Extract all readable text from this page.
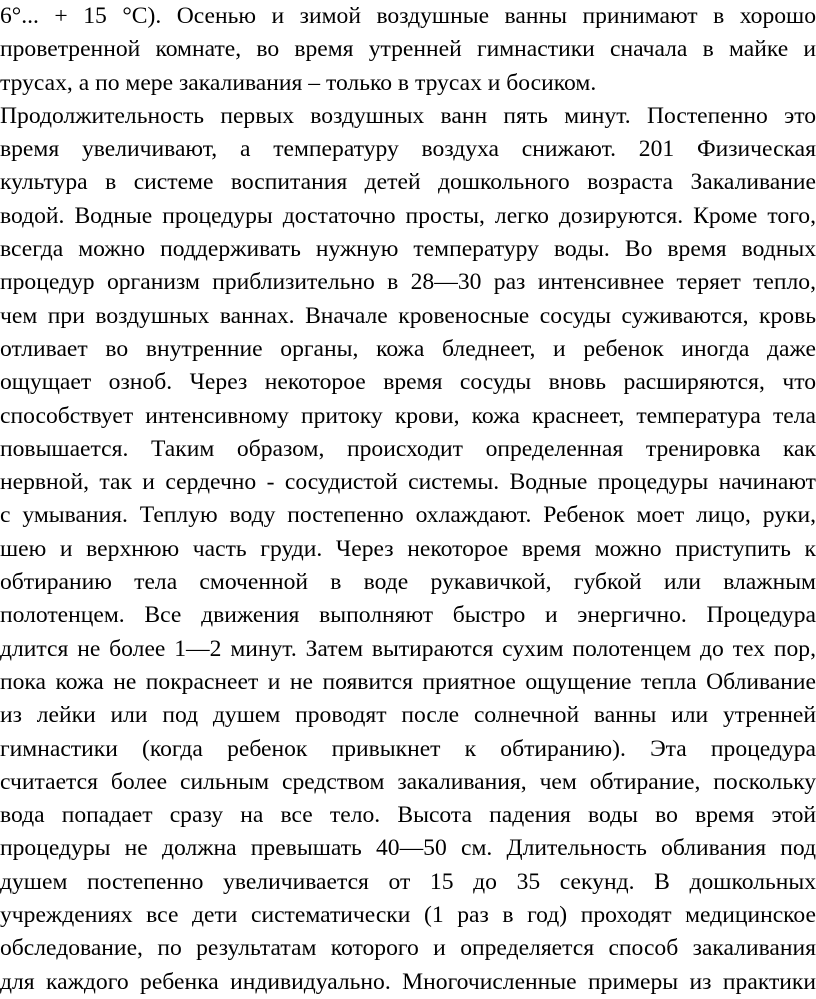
6°... + 15 °С). Осенью и зимой воздушные ванны принимают в хорошо
проветренной комнате, во время утренней гимнастики сначала в майке и
трусах, а по мере закаливания – только в трусах и босиком.
Продолжительность первых воздушных ванн пять минут. Постепенно это
время увеличивают, а температуру воздуха снижают. 201 Физическая
культура в системе воспитания детей дошкольного возраста Закаливание
водой. Водные процедуры достаточно просты, легко дозируются. Кроме того,
всегда можно поддерживать нужную температуру воды. Во время водных
процедур организм приблизительно в 28—30 раз интенсивнее теряет тепло,
чем при воздушных ваннах. Вначале кровеносные сосуды суживаются, кровь
отливает во внутренние органы, кожа бледнеет, и ребенок иногда даже
ощущает озноб. Через некоторое время сосуды вновь расширяются, что
способствует интенсивному притоку крови, кожа краснеет, температура тела
повышается. Таким образом, происходит определенная тренировка как
нервной, так и сердечно - сосудистой системы. Водные процедуры начинают
с умывания. Теплую воду постепенно охлаждают. Ребенок моет лицо, руки,
шею и верхнюю часть груди. Через некоторое время можно приступить к
обтиранию тела смоченной в воде рукавичкой, губкой или влажным
полотенцем. Все движения выполняют быстро и энергично. Процедура
длится не более 1—2 минут. Затем вытираются сухим полотенцем до тех пор,
пока кожа не покраснеет и не появится приятное ощущение тепла Обливание
из лейки или под душем проводят после солнечной ванны или утренней
гимнастики (когда ребенок привыкнет к обтиранию). Эта процедура
считается более сильным средством закаливания, чем обтирание, поскольку
вода попадает сразу на все тело. Высота падения воды во время этой
процедуры не должна превышать 40—50 см. Длительность обливания под
душем постепенно увеличивается от 15 до 35 секунд. В дошкольных
учреждениях все дети систематически (1 раз в год) проходят медицинское
обследование, по результатам которого и определяется способ закаливания
для каждого ребенка индивидуально. Многочисленные примеры из практики
